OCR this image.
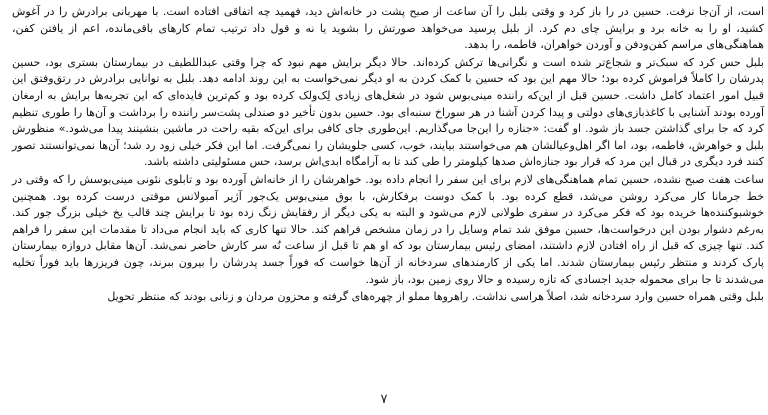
است، از آن‌جا نرفت. حسین در را باز کرد و وقتی بلبل را آن ساعت از صبح پشت در خانه‌اش دید، فهمید چه اتفاقی افتاده است. با مهربانی برادرش را در آغوش کشید، او را به خانه برد و برایش چای دم کرد. از بلبل پرسید می‌خواهد صورتش را بشوید یا نه و قول داد ترتیب تمام کارهای باقی‌مانده، اعم از یافتن کفن، هماهنگی‌های مراسم کفن‌ودفن و آوردن خواهران، فاطمه، را بدهد.

بلبل حس کرد که سبک‌تر و شجاع‌تر شده است و نگرانی‌ها ترکش کرده‌اند. حالا دیگر برایش مهم نبود که چرا وقتی عبداللطیف در بیمارستان بستری بود، حسین پدرشان را کاملاً فراموش کرده بود؛ حالا مهم این بود که حسین با کمک کردن به او دیگر نمی‌خواست به این روند ادامه دهد. بلبل به توانایی برادرش در رتق‌وفتق این قبیل امور اعتماد کامل داشت. حسین قبل از این‌که راننده مینی‌بوس شود در شغل‌های زیادی لِک‌ولک کرده بود و کم‌ترین فایده‌ای که این تجربه‌ها برایش به ارمغان آورده بودند آشنایی با کاغذبازی‌های دولتی و پیدا کردن آشنا در هر سوراخ سنبه‌ای بود. حسین بدون تأخیر دو صندلی پشت‌سر راننده را برداشت و آن‌ها را طوری تنظیم کرد که جا برای گذاشتن جسد باز شود. او گفت: «جنازه را این‌جا می‌گذاریم. این‌طوری جای کافی برای این‌که بقیه راحت در ماشین بنشینند پیدا می‌شود.» منظورش بلبل و خواهرش، فاطمه، بود، اما اگر اهل‌وعیالشان هم می‌خواستند بیایند، خوب، کسی جلویشان را نمی‌گرفت. اما این فکر خیلی زود رد شد؛ آن‌ها نمی‌توانستند تصور کنند فرد دیگری در قبال این مرد که قرار بود جنازه‌اش صدها کیلومتر را طی کند تا به آرامگاه ابدی‌اش برسد، حس مسئولیتی داشته باشد.

ساعت هفت صبح نشده، حسین تمام هماهنگی‌های لازم برای این سفر را انجام داده بود. خواهرشان را از خانه‌اش آورده بود و تابلوی نئونی مینی‌بوسش را که وقتی در خط جرمانا کار می‌کرد روشن می‌شد، قطع کرده بود. با کمک دوست برفکارش، با بوق مینی‌بوس یک‌جور آژیر آمبولانس موقتی درست کرده بود. همچنین خوشبوکننده‌ها خریده بود که فکر می‌کرد در سفری طولانی لازم می‌شود و البته به یکی دیگر از رفقایش زنگ زده بود تا برایش چند قالب یخ خیلی بزرگ جور کند. به‌رغم دشوار بودن این درخواست‌ها، حسین موفق شد تمام وسایل را در زمان مشخص فراهم کند. حالا تنها کاری که باید انجام می‌داد تا مقدمات این سفر را فراهم کند. تنها چیزی که قبل از راه افتادن لازم داشتند، امضای رئیس بیمارستان بود که او هم تا قبل از ساعت نُه سر کارش حاضر نمی‌شد. آن‌ها مقابل دروازه بیمارستان پارک کردند و منتظر رئیس بیمارستان شدند. اما یکی از کارمندهای سردخانه از آن‌ها خواست که فوراً جسد پدرشان را بیرون ببرند، چون فریزرها باید فوراً تخلیه می‌شدند تا جا برای محموله جدید اجسادی که تازه رسیده و حالا روی زمین بود، باز شود.

بلبل وقتی همراه حسین وارد سردخانه شد، اصلاً هراسی نداشت. راهروها مملو از چهره‌های گرفته و محزون مردان و زنانی بودند که منتظر تحویل

۷
